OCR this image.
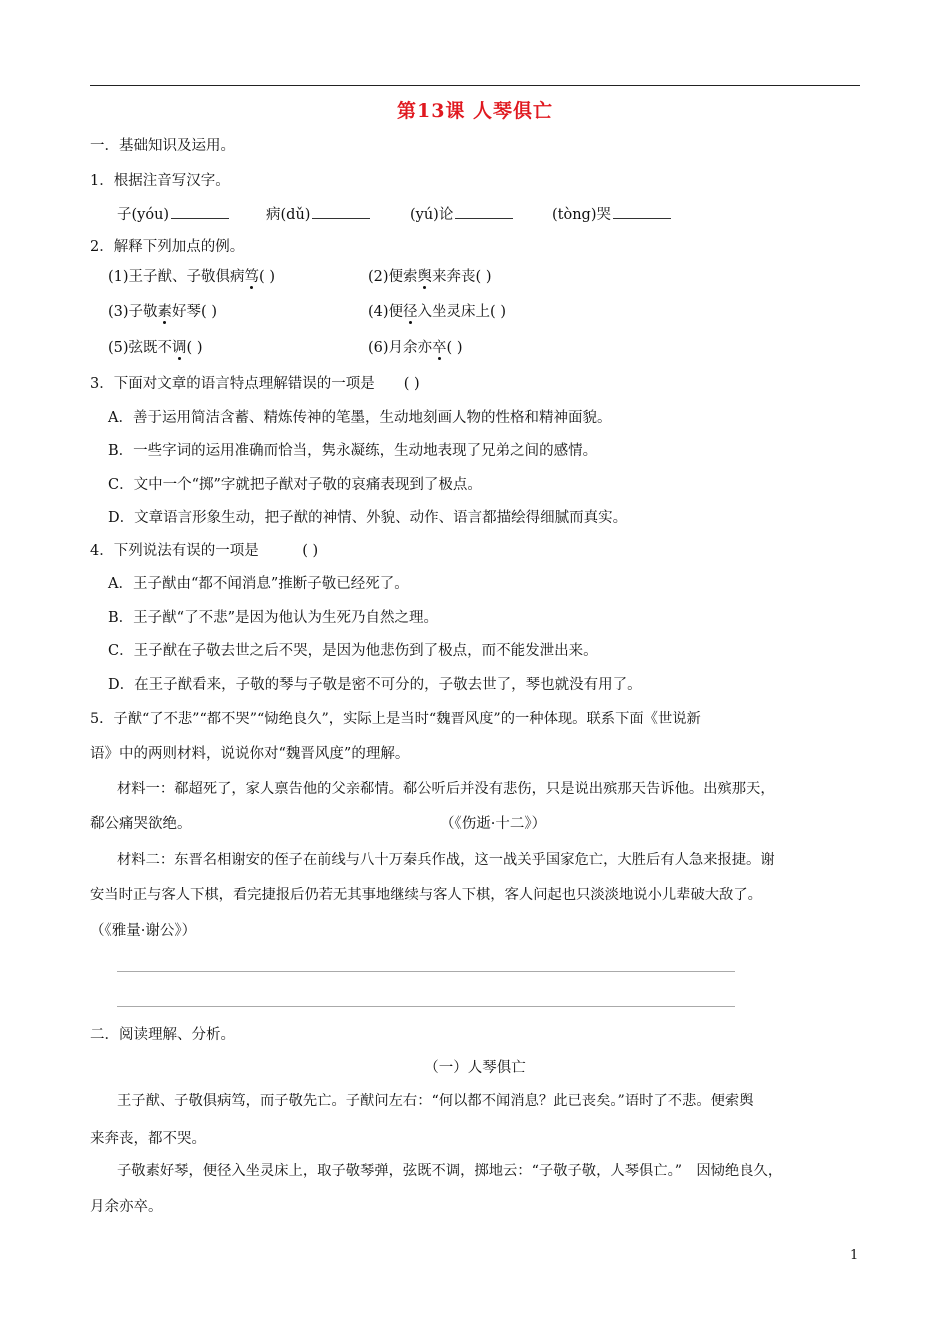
第13课 人琴俱亡
一．基础知识及运用。
1．根据注音写汉字。
子(yóu)	病(dǔ)	(yú)论	(tòng)哭
2．解释下列加点的例。
(1)王子猷、子敬俱病笃( )	(2)便索舆来奔丧( )
(3)子敬素好琴( )	(4)便径入坐灵床上( )
(5)弦既不调( )	(6)月余亦卒( )
3．下面对文章的语言特点理解错误的一项是　　( )
A．善于运用简洁含蓄、精炼传神的笔墨，生动地刻画人物的性格和精神面貌。
B．一些字词的运用准确而恰当，隽永凝练，生动地表现了兄弟之间的感情。
C．文中一个“掷”字就把子猷对子敬的哀痛表现到了极点。
D．文章语言形象生动，把子猷的神情、外貌、动作、语言都描绘得细腻而真实。
4．下列说法有误的一项是　　　( )
A．王子猷由“都不闻消息”推断子敬已经死了。
B．王子猷“了不悲”是因为他认为生死乃自然之理。
C．王子猷在子敬去世之后不哭，是因为他悲伤到了极点，而不能发泄出来。
D．在王子猷看来，子敬的琴与子敬是密不可分的，子敬去世了，琴也就没有用了。
5．子猷“了不悲”“都不哭”“恸绝良久”，实际上是当时“魏晋风度”的一种体现。联系下面《世说新
语》中的两则材料，说说你对“魏晋风度”的理解。
材料一：郗超死了，家人禀告他的父亲郗情。郗公听后并没有悲伤，只是说出殡那天告诉他。出殡那天，
郗公痛哭欲绝。	（《伤逝·十二》）
材料二：东晋名相谢安的侄子在前线与八十万秦兵作战，这一战关乎国家危亡，大胜后有人急来报捷。谢
安当时正与客人下棋，看完捷报后仍若无其事地继续与客人下棋，客人问起也只淡淡地说小儿辈破大敌了。
（《雅量·谢公》）
二．阅读理解、分析。
（一）人琴俱亡
王子猷、子敬俱病笃，而子敬先亡。子猷问左右：“何以都不闻消息？此已丧矣。”语时了不悲。便索舆
来奔丧，都不哭。
子敬素好琴，便径入坐灵床上，取子敬琴弹，弦既不调，掷地云：“子敬子敬，人琴俱亡。”　因恸绝良久，
月余亦卒。
1
